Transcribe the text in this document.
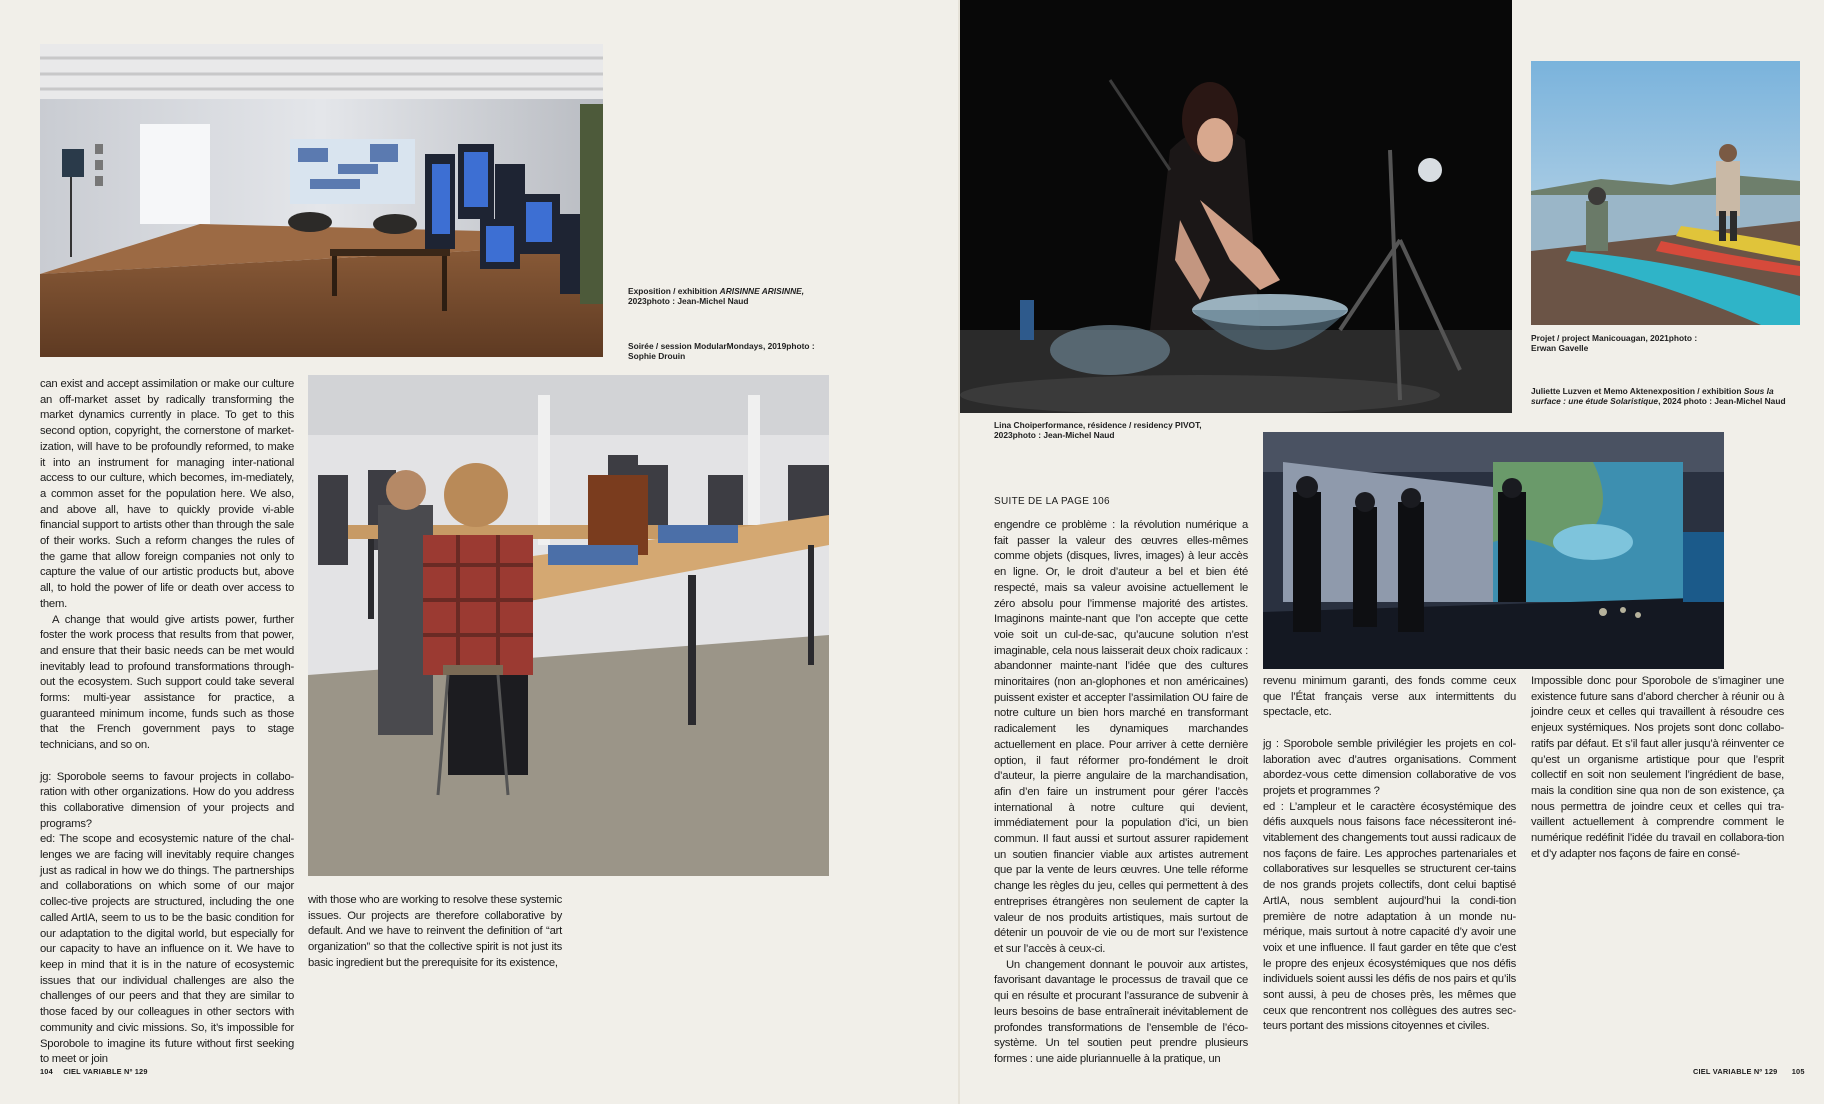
Exposition / exhibition ARISINNE ARISINNE,
2023photo : Jean-Michel Naud
Soirée / session ModularMondays, 2019photo : Sophie Drouin

can exist and accept assimilation or make our culture an off-market asset by radically transforming the market dynamics currently in place. To get to this second option, copyright, the cornerstone of market-ization, will have to be profoundly reformed, to make it into an instrument for managing inter-national access to our culture, which becomes, im-mediately, a common asset for the population here. We also, and above all, have to quickly provide vi-able financial support to artists other than through the sale of their works. Such a reform changes the rules of the game that allow foreign companies not only to capture the value of our artistic products but, above all, to hold the power of life or death over access to them.

A change that would give artists power, further foster the work process that results from that power, and ensure that their basic needs can be met would inevitably lead to profound transformations through-out the ecosystem. Such support could take several forms: multi-year assistance for practice, a guaranteed minimum income, funds such as those that the French government pays to stage technicians, and so on.

jg: Sporobole seems to favour projects in collabo-ration with other organizations. How do you address this collaborative dimension of your projects and programs?

ed: The scope and ecosystemic nature of the chal-lenges we are facing will inevitably require changes just as radical in how we do things. The partnerships and collaborations on which some of our major collec-tive projects are structured, including the one called ArtIA, seem to us to be the basic condition for our adaptation to the digital world, but especially for our capacity to have an influence on it. We have to keep in mind that it is in the nature of ecosystemic issues that our individual challenges are also the challenges of our peers and that they are similar to those faced by our colleagues in other sectors with community and civic missions. So, it’s impossible for Sporobole to imagine its future without first seeking to meet or join

with those who are working to resolve these systemic issues. Our projects are therefore collaborative by default. And we have to reinvent the definition of “art organization” so that the collective spirit is not just its basic ingredient but the prerequisite for its existence,

Lina Choiperformance, résidence / residency PIVOT, 2023photo : Jean-Michel Naud
Projet / project Manicouagan, 2021photo : Erwan Gavelle
Juliette Luzven et Memo Aktenexposition / exhibition Sous la surface : une étude Solaristique, 2024 photo : Jean-Michel Naud
SUITE DE LA PAGE 106

engendre ce problème : la révolution numérique a fait passer la valeur des œuvres elles-mêmes comme objets (disques, livres, images) à leur accès en ligne. Or, le droit d’auteur a bel et bien été respecté, mais sa valeur avoisine actuellement le zéro absolu pour l’immense majorité des artistes. Imaginons mainte-nant que l’on accepte que cette voie soit un cul-de-sac, qu’aucune solution n’est imaginable, cela nous laisserait deux choix radicaux : abandonner mainte-nant l’idée que des cultures minoritaires (non an-glophones et non américaines) puissent exister et accepter l’assimilation OU faire de notre culture un bien hors marché en transformant radicalement les dynamiques marchandes actuellement en place. Pour arriver à cette dernière option, il faut réformer pro-fondément le droit d’auteur, la pierre angulaire de la marchandisation, afin d’en faire un instrument pour gérer l’accès international à notre culture qui devient, immédiatement pour la population d’ici, un bien commun. Il faut aussi et surtout assurer rapidement un soutien financier viable aux artistes autrement que par la vente de leurs œuvres. Une telle réforme change les règles du jeu, celles qui permettent à des entreprises étrangères non seulement de capter la valeur de nos produits artistiques, mais surtout de détenir un pouvoir de vie ou de mort sur l’existence et sur l’accès à ceux-ci.

Un changement donnant le pouvoir aux artistes, favorisant davantage le processus de travail que ce qui en résulte et procurant l’assurance de subvenir à leurs besoins de base entraînerait inévitablement de profondes transformations de l’ensemble de l’éco-système. Un tel soutien peut prendre plusieurs formes : une aide pluriannuelle à la pratique, un

revenu minimum garanti, des fonds comme ceux que l’État français verse aux intermittents du spectacle, etc.

jg : Sporobole semble privilégier les projets en col-laboration avec d’autres organisations. Comment abordez-vous cette dimension collaborative de vos projets et programmes ?

ed : L’ampleur et le caractère écosystémique des défis auxquels nous faisons face nécessiteront iné-vitablement des changements tout aussi radicaux de nos façons de faire. Les approches partenariales et collaboratives sur lesquelles se structurent cer-tains de nos grands projets collectifs, dont celui baptisé ArtIA, nous semblent aujourd’hui la condi-tion première de notre adaptation à un monde nu-mérique, mais surtout à notre capacité d’y avoir une voix et une influence. Il faut garder en tête que c’est le propre des enjeux écosystémiques que nos défis individuels soient aussi les défis de nos pairs et qu’ils sont aussi, à peu de choses près, les mêmes que ceux que rencontrent nos collègues des autres sec-teurs portant des missions citoyennes et civiles.

Impossible donc pour Sporobole de s’imaginer une existence future sans d’abord chercher à réunir ou à joindre ceux et celles qui travaillent à résoudre ces enjeux systémiques. Nos projets sont donc collabo-ratifs par défaut. Et s’il faut aller jusqu’à réinventer ce qu’est un organisme artistique pour que l’esprit collectif en soit non seulement l’ingrédient de base, mais la condition sine qua non de son existence, ça nous permettra de joindre ceux et celles qui tra-vaillent actuellement à comprendre comment le numérique redéfinit l’idée du travail en collabora-tion et d’y adapter nos façons de faire en consé-

104 CIEL VARIABLE Nº 129	CIEL VARIABLE Nº 129 105
